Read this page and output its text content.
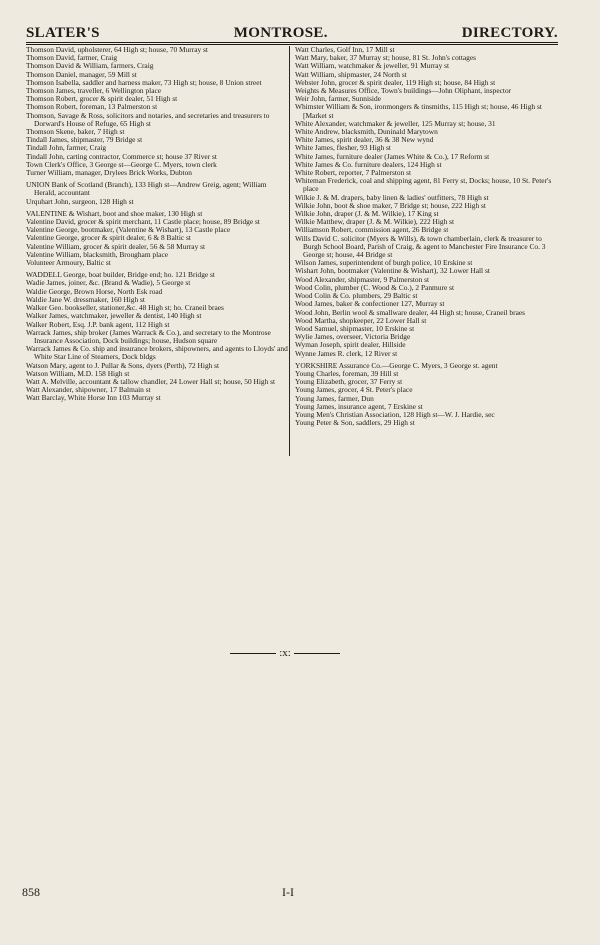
SLATER'S	MONTROSE.	DIRECTORY.
Thomson David, upholsterer, 64 High st; house, 70 Murray st
Thomson David, farmer, Craig
Thomson David & William, farmers, Craig
Thomson Daniel, manager, 59 Mill st
Thomson Isabella, saddler and harness maker, 73 High st; house, 8 Union street
Thomson James, traveller, 6 Wellington place
Thomson Robert, grocer & spirit dealer, 51 High st
Thomson Robert, foreman, 13 Palmerston st
Thomson, Savage & Ross, solicitors and notaries, and secretaries and treasurers to Dorward's House of Refuge, 65 High st
Thomson Skene, baker, 7 High st
Tindall James, shipmaster, 79 Bridge st
Tindall John, farmer, Craig
Tindall John, carting contractor, Commerce st; house 37 River st
Town Clerk's Office, 3 George st—George C. Myers, town clerk
Turner William, manager, Drylees Brick Works, Dubton
UNION Bank of Scotland (Branch), 133 High st—Andrew Greig, agent; William Herald, accountant
Urquhart John, surgeon, 128 High st
VALENTINE & Wishart, boot and shoe maker, 130 High st
Valentine David, grocer & spirit merchant, 11 Castle place; house, 89 Bridge st
Valentine George, bootmaker, (Valentine & Wishart), 13 Castle place
Valentine George, grocer & spirit dealer, 6 & 8 Baltic st
Valentine William, grocer & spirit dealer, 56 & 58 Murray st
Valentine William, blacksmith, Brougham place
Volunteer Armoury, Baltic st
WADDELL George, boat builder, Bridge end; ho. 121 Bridge st
Wadie James, joiner, &c. (Brand & Wadie), 5 George st
Waldie George, Brown Horse, North Esk road
Waldie Jane W. dressmaker, 160 High st
Walker Geo. bookseller, stationer,&c. 48 High st; ho. Craneil braes
Walker James, watchmaker, jeweller & dentist, 140 High st
Walker Robert, Esq. J.P. bank agent, 112 High st
Warrack James, ship broker (James Warrack & Co.), and secretary to the Montrose Insurance Association, Dock buildings; house, Hudson square
Warrack James & Co. ship and insurance brokers, shipowners, and agents to Lloyds' and White Star Line of Steamers, Dock bldgs
Watson Mary, agent to J. Pullar & Sons, dyers (Perth), 72 High st
Watson William, M.D. 158 High st
Watt A. Melville, accountant & tallow chandler, 24 Lower Hall st; house, 50 High st
Watt Alexander, shipowner, 17 Balmain st
Watt Barclay, White Horse Inn 103 Murray st
Watt Charles, Golf Inn, 17 Mill st
Watt Mary, baker, 37 Murray st; house, 81 St. John's cottages
Watt William, watchmaker & jeweller, 91 Murray st
Watt William, shipmaster, 24 North st
Webster John, grocer & spirit dealer, 119 High st; house, 84 High st
Weights & Measures Office, Town's buildings—John Oliphant, inspector
Weir John, farmer, Sunniside
Whimster William & Son, ironmongers & tinsmiths, 115 High st; house, 46 High st [Market st
White Alexander, watchmaker & jeweller, 125 Murray st; house, 31
White Andrew, blacksmith, Duninald Marytown
White James, spirit dealer, 36 & 38 New wynd
White James, flesher, 93 High st
White James, furniture dealer (James White & Co.), 17 Reform st
White James & Co. furniture dealers, 124 High st
White Robert, reporter, 7 Palmerston st
Whiteman Frederick, coal and shipping agent, 81 Ferry st, Docks; house, 10 St. Peter's place
Wilkie J. & M. drapers, baby linen & ladies' outfitters, 78 High st
Wilkie John, boot & shoe maker, 7 Bridge st; house, 222 High st
Wilkie John, draper (J. & M. Wilkie), 17 King st
Wilkie Matthew, draper (J. & M. Wilkie), 222 High st
Williamson Robert, commission agent, 26 Bridge st
Wills David C. solicitor (Myers & Wills), & town chamberlain, clerk & treasurer to Burgh School Board, Parish of Craig, & agent to Manchester Fire Insurance Co. 3 George st; house, 44 Bridge st
Wilson James, superintendent of burgh police, 10 Erskine st
Wishart John, bootmaker (Valentine & Wishart), 32 Lower Hall st
Wood Alexander, shipmaster, 9 Palmerston st
Wood Colin, plumber (C. Wood & Co.), 2 Panmure st
Wood Colin & Co. plumbers, 29 Baltic st
Wood James, baker & confectioner 127, Murray st
Wood John, Berlin wool & smallware dealer, 44 High st; house, Craneil braes
Wood Martha, shopkeeper, 22 Lower Hall st
Wood Samuel, shipmaster, 10 Erskine st
Wylie James, overseer, Victoria Bridge
Wyman Joseph, spirit dealer, Hillside
Wynne James R. clerk, 12 River st
YORKSHIRE Assurance Co.—George C. Myers, 3 George st. agent
Young Charles, foreman, 39 Hill st
Young Elizabeth, grocer, 37 Ferry st
Young James, grocer, 4 St. Peter's place
Young James, farmer, Dun
Young James, insurance agent, 7 Erskine st
Young Men's Christian Association, 128 High st—W. J. Hardie, sec
Young Peter & Son, saddlers, 29 High st
:x:
858	I-I
